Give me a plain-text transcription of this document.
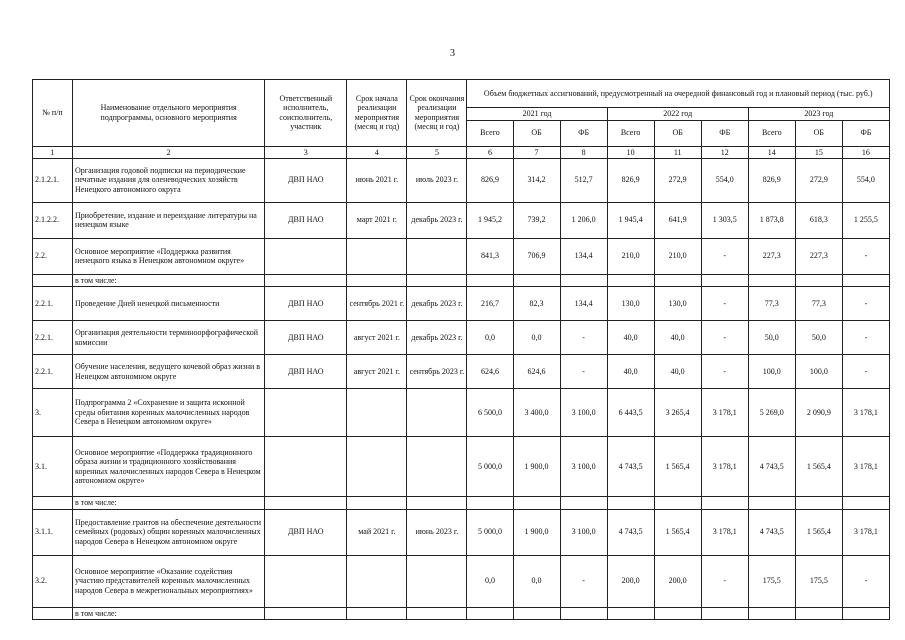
3
№ п/п	Наименование отдельного мероприятия подпрограммы, основного мероприятия	Ответственный исполнитель, соисполнитель, участник	Срок начала реализации мероприятия (месяц и год)	Срок окончания реализации мероприятия (месяц и год)	Объем бюджетных ассигнований, предусмотренный на очередной финансовый год и плановый период (тыс. руб.)								
					2021 год			2022 год			2023 год		
					Всего	ОБ	ФБ	Всего	ОБ	ФБ	Всего	ОБ	ФБ
1	2	3	4	5	6	7	8	10	11	12	14	15	16
2.1.2.1.	Организация годовой подписки на периодические печатные издания для оленеводческих хозяйств Ненецкого автономного округа	ДВП НАО	июнь 2021 г.	июль 2023 г.	826,9	314,2	512,7	826,9	272,9	554,0	826,9	272,9	554,0
2.1.2.2.	Приобретение, издание и переиздание литературы на ненецком языке	ДВП НАО	март 2021 г.	декабрь 2023 г.	1 945,2	739,2	1 206,0	1 945,4	641,9	1 303,5	1 873,8	618,3	1 255,5
2.2.	Основное мероприятие «Поддержка развития ненецкого языка в Ненецком автономном округе»				841,3	706,9	134,4	210,0	210,0	-	227,3	227,3	-
	в том числе:												
2.2.1.	Проведение Дней ненецкой письменности	ДВП НАО	сентябрь 2021 г.	декабрь 2023 г.	216,7	82,3	134,4	130,0	130,0	-	77,3	77,3	-
2.2.1.	Организация деятельности терминоорфографической комиссии	ДВП НАО	август 2021 г.	декабрь 2023 г.	0,0	0,0	-	40,0	40,0	-	50,0	50,0	-
2.2.1.	Обучение населения, ведущего кочевой образ жизни в Ненецком автономном округе	ДВП НАО	август 2021 г.	сентябрь 2023 г.	624,6	624,6	-	40,0	40,0	-	100,0	100,0	-
3.	Подпрограмма 2 «Сохранение и защита исконной среды обитания коренных малочисленных народов Севера в Ненецком автономном округе»				6 500,0	3 400,0	3 100,0	6 443,5	3 265,4	3 178,1	5 269,0	2 090,9	3 178,1
3.1.	Основное мероприятие «Поддержка традиционного образа жизни и традиционного хозяйствования коренных малочисленных народов Севера в Ненецком автономном округе»				5 000,0	1 900,0	3 100,0	4 743,5	1 565,4	3 178,1	4 743,5	1 565,4	3 178,1
	в том числе:												
3.1.1.	Предоставление грантов на обеспечение деятельности семейных (родовых) общин коренных малочисленных народов Севера в Ненецком автономном округе	ДВП НАО	май 2021 г.	июнь 2023 г.	5 000,0	1 900,0	3 100,0	4 743,5	1 565,4	3 178,1	4 743,5	1 565,4	3 178,1
3.2.	Основное мероприятие «Оказание содействия участию представителей коренных малочисленных народов Севера в межрегиональных мероприятиях»				0,0	0,0	-	200,0	200,0	-	175,5	175,5	-
	в том числе:												
